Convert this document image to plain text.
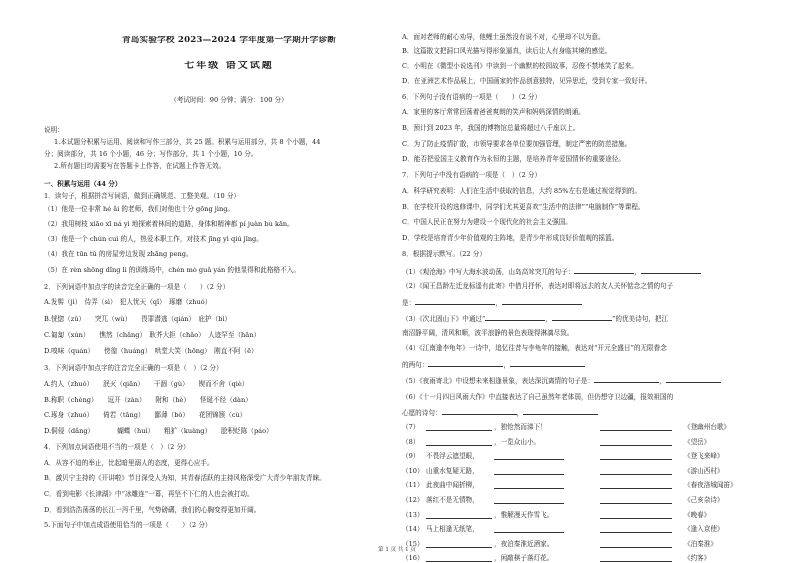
青岛实验学校 2023—2024 学年度第一学期开学诊断
七年级 语文试题
（考试时间：90 分钟；满分：100 分）
说明：
1.本试题分积累与运用、阅读和写作三部分，共 25 题。积累与运用部分，共 8 个小题，44
分；阅读部分，共 16 个小题，46 分；写作部分，共 1 个小题，10 分。
2.所有题目均需要写在答题卡上作答，在试题上作答无效。
一、积累与运用（44 分）
1．读句子，根据拼音写词语，做到正确规范、工整美观。（10 分）
（1）他是一位非常 hé ǎi 的老师，我们对他也十分 gōng jìng。
（2）我用树枝 xiāo xī ná yì 地探索着林间的道路，身体和精神都 pí juàn bù kān。
（3）他是一个 chún cuì 的人，热爱本职工作，对技术 jīng yì qiú jīng。
（4）我在 tūn tǔ 的房屋旁边发现 zhāng peng。
（5）在 rèn shōng dǐng lì 的训练场中，chén mò guǎ yán 的他显得和此格格不入。
2．下列词语中加点字的读音完全正确的一项是（　　）（2 分）
A.发髻（jì）　侍弄（sì）　犯人忧天（qǐ）　琢磨（zhuó）
B.恍惚（zǔ）　　突兀（wù）　　畏罪潜逃（qián）　庇护（bì）
C.匍匐（xún）　　憔然（chǎng）　耿芥大拒（chǎo）　人迹罕至（hǎn）
D.嗅味（quán）　　傍徨（huáng）　哄堂大笑（hōng）　刚直不阿（ē）
3．下列词语中加点字的注音完全正确的一项是（　）（2 分）
A.约人（zhuó）　　泯灭（qiān）　　干涸（gù）　　锲而不舍（qiè）
B.称职（chèng）　　逗开（zàn）　　附和（hè）　　怪诞不经（dàn）
C.琢身（zhuó）　　倚若（tāng）　　鄙薄（bò）　　花团锦簇（cù）
D.侗侵（dǎng）　　　　蝴蝶（huì）　　粗犷（kuàng）　　脍积贬陈（páo）
4．下列加点词语使用不当的一项是（　）（2 分）
A．从容不迫的举止，比起暗里溺人的态度，更得心应手。
B．激贝宁主持的《开讲啦》节目深受人为知，其青春活跃的主持风格深受广大青少年朋友青睐。
C．看到电影《长津湖》中“冰雕连”一幕，再坚不下仁的人也会被打动。
D．看到浩浩荡荡的长江一泻千里，气势磅礴，我们的心胸变得更加开阔。
5.下面句子中加点成语使用恰当的一项是（　　）（2 分）
A．面对老师的耐心劝导，他鲤土虽然没有说不对，心里却不以为意。
B．这篇散文把洞口风光描写得形象逼真，读后让人有身临其境的感觉。
C．小明在《微型小说选刊》中读到一个幽默的校园故事，忍俊不禁地笑了起来。
D．在亚洲艺术作品展上，中国画家的作品创意独特，见异思迁，受到专家一致好评。
6．下列句子没有语病的一项是（　　）（2 分）
A．家里的客厅常常回荡着爸爸爽朗的笑声和妈妈深情的朗诵。
B．预计到 2023 年，我国的博物馆总量将超过八千座以上。
C．为了防止疫情扩散，市领导要求各单位要加强管理，制定严密的防范措施。
D．能否把爱国主义教育作为永恒的主题，是培养青年爱国情怀的重要途径。
7．下列句子中没有语病的一项是（　）（2 分）
A．科学研究表明：人们在生活中获取的信息，大约 85%左右是通过视觉得到的。
B．在学校开设的选修课中，同学们尤其更喜欢“生活中的法律”“电脑制作”等课程。
C．中国人民正在努力为建设一个现代化的社会主义强国。
D．学校是培育青少年价值观的主阵地，是青少年形成良好价值观的摇篮。
8．根据提示默写。（22 分）
（1）《观沧海》中写大海水波动荡，山岛高耸突兀的句子：	，
（2）《闻王昌龄左迁龙标遥有此寄》中借月抒怀，表达对即将远去的友人关怀惦念之情的句子
是：	，
（3）《次北固山下》中通过“	，	”的优美诗句，把江
南沼静平阔，清风和顺，波平浪静的景色表现得淋漓尽致。
（4）《江南逢李龟年》一诗中，追忆往昔与李龟年的接触，表达对“开元全盛日”的无限眷念
的两句：	，
（5）《夜雨寄北》中设想未来相逢景象，表达深沉离情的句子是：	，
（6）《十一月四日风雨大作》中直接表达了自己虽然年老体弱，但仍想守卫边疆，报效祖国的
心愿的诗句：	，
（7）	，独怆然而涕下！	《登幽州台歌》
（8）	，一览众山小。	《望岳》
（9） 不畏浮云遮望眼，	《登飞来峰》
（10） 山重水复疑无路，	《游山西村》
（11） 此夜曲中闻折柳，	《春夜洛城闻笛》
（12） 落红不是无情物，	《己亥杂诗》
（13）	，惟解漫天作雪飞。	《晚春》
（14） 马上相逢无纸笔，	《逢入京使》
（15）	，夜泊秦淮近酒家。	《泊秦淮》
（16）	，闲敲棋子落灯花。	《约客》
第 1 页 共 1 页
